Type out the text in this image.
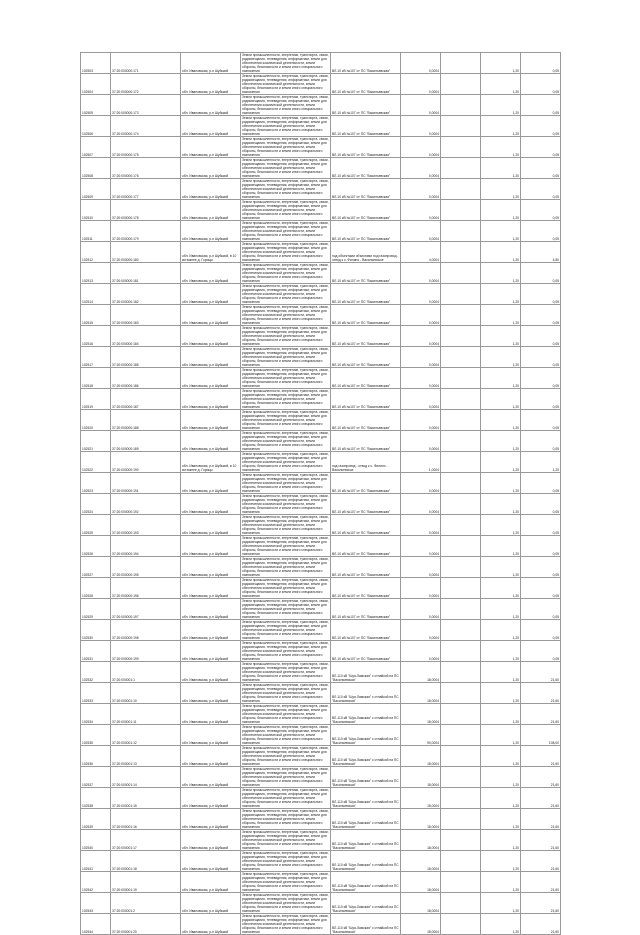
102503	37:20:000000:171	обл. Ивановская, р-н Шуйский	Земли промышленности, энергетики, транспорта, связи, радиовещания, телевидения, информатики, земли для обеспечения космической деятельности, земли обороны, безопасности и земли иного специального назначения	ВЛ-10 кВ №107 от ПС "Васильевская"	0,0004		1,20	0,05
102504	37:20:000000:172	обл. Ивановская, р-н Шуйский	Земли промышленности, энергетики, транспорта, связи, радиовещания, телевидения, информатики, земли для обеспечения космической деятельности, земли обороны, безопасности и земли иного специального назначения	ВЛ-10 кВ №107 от ПС "Васильевская"	0,0004		1,20	0,05
102505	37:20:000000:173	обл. Ивановская, р-н Шуйский	Земли промышленности, энергетики, транспорта, связи, радиовещания, телевидения, информатики, земли для обеспечения космической деятельности, земли обороны, безопасности и земли иного специального назначения	ВЛ-10 кВ №107 от ПС "Васильевская"	0,0004		1,20	0,05
102506	37:20:000000:174	обл. Ивановская, р-н Шуйский	Земли промышленности, энергетики, транспорта, связи, радиовещания, телевидения, информатики, земли для обеспечения космической деятельности, земли обороны, безопасности и земли иного специального назначения	ВЛ-10 кВ №107 от ПС "Васильевская"	0,0004		1,20	0,05
102507	37:20:000000:175	обл. Ивановская, р-н Шуйский	Земли промышленности, энергетики, транспорта, связи, радиовещания, телевидения, информатики, земли для обеспечения космической деятельности, земли обороны, безопасности и земли иного специального назначения	ВЛ-10 кВ №107 от ПС "Васильевская"	0,0004		1,20	0,05
102508	37:20:000000:176	обл. Ивановская, р-н Шуйский	Земли промышленности, энергетики, транспорта, связи, радиовещания, телевидения, информатики, земли для обеспечения космической деятельности, земли обороны, безопасности и земли иного специального назначения	ВЛ-10 кВ №107 от ПС "Васильевская"	0,0004		1,20	0,05
102509	37:20:000000:177	обл. Ивановская, р-н Шуйский	Земли промышленности, энергетики, транспорта, связи, радиовещания, телевидения, информатики, земли для обеспечения космической деятельности, земли обороны, безопасности и земли иного специального назначения	ВЛ-10 кВ №107 от ПС "Васильевская"	0,0004		1,20	0,05
102510	37:20:000000:178	обл. Ивановская, р-н Шуйский	Земли промышленности, энергетики, транспорта, связи, радиовещания, телевидения, информатики, земли для обеспечения космической деятельности, земли обороны, безопасности и земли иного специального назначения	ВЛ-10 кВ №107 от ПС "Васильевская"	0,0004		1,20	0,05
102511	37:20:000000:179	обл. Ивановская, р-н Шуйский	Земли промышленности, энергетики, транспорта, связи, радиовещания, телевидения, информатики, земли для обеспечения космической деятельности, земли обороны, безопасности и земли иного специального назначения	ВЛ-10 кВ №107 от ПС "Васильевская"	0,0004		1,20	0,05
102512	37:20:000000:180	обл. Ивановская, р-н Шуйский, в 10 км южнее д. Горицы	Земли промышленности, энергетики, транспорта, связи, радиовещания, телевидения, информатики, земли для обеспечения космической деятельности, земли обороны, безопасности и земли иного специального назначения	под объектами объектами под газопровод - отвод к с. Филино - Васильевское	4,0004		1,20	4,80
102513	37:20:000000:181	обл. Ивановская, р-н Шуйский	Земли промышленности, энергетики, транспорта, связи, радиовещания, телевидения, информатики, земли для обеспечения космической деятельности, земли обороны, безопасности и земли иного специального назначения	ВЛ-10 кВ №107 от ПС "Васильевская"	0,0004		1,20	0,05
102514	37:20:000000:182	обл. Ивановская, р-н Шуйский	Земли промышленности, энергетики, транспорта, связи, радиовещания, телевидения, информатики, земли для обеспечения космической деятельности, земли обороны, безопасности и земли иного специального назначения	ВЛ-10 кВ №107 от ПС "Васильевская"	0,0004		1,20	0,05
102515	37:20:000000:183	обл. Ивановская, р-н Шуйский	Земли промышленности, энергетики, транспорта, связи, радиовещания, телевидения, информатики, земли для обеспечения космической деятельности, земли обороны, безопасности и земли иного специального назначения	ВЛ-10 кВ №107 от ПС "Васильевская"	0,0004		1,20	0,05
102516	37:20:000000:184	обл. Ивановская, р-н Шуйский	Земли промышленности, энергетики, транспорта, связи, радиовещания, телевидения, информатики, земли для обеспечения космической деятельности, земли обороны, безопасности и земли иного специального назначения	ВЛ-10 кВ №107 от ПС "Васильевская"	0,0004		1,20	0,05
102517	37:20:000000:185	обл. Ивановская, р-н Шуйский	Земли промышленности, энергетики, транспорта, связи, радиовещания, телевидения, информатики, земли для обеспечения космической деятельности, земли обороны, безопасности и земли иного специального назначения	ВЛ-10 кВ №107 от ПС "Васильевская"	0,0004		1,20	0,05
102518	37:20:000000:186	обл. Ивановская, р-н Шуйский	Земли промышленности, энергетики, транспорта, связи, радиовещания, телевидения, информатики, земли для обеспечения космической деятельности, земли обороны, безопасности и земли иного специального назначения	ВЛ-10 кВ №107 от ПС "Васильевская"	0,0004		1,20	0,05
102519	37:20:000000:187	обл. Ивановская, р-н Шуйский	Земли промышленности, энергетики, транспорта, связи, радиовещания, телевидения, информатики, земли для обеспечения космической деятельности, земли обороны, безопасности и земли иного специального назначения	ВЛ-10 кВ №107 от ПС "Васильевская"	0,0004		1,20	0,05
102520	37:20:000000:188	обл. Ивановская, р-н Шуйский	Земли промышленности, энергетики, транспорта, связи, радиовещания, телевидения, информатики, земли для обеспечения космической деятельности, земли обороны, безопасности и земли иного специального назначения	ВЛ-10 кВ №107 от ПС "Васильевская"	0,0004		1,20	0,05
102521	37:20:000000:189	обл. Ивановская, р-н Шуйский	Земли промышленности, энергетики, транспорта, связи, радиовещания, телевидения, информатики, земли для обеспечения космической деятельности, земли обороны, безопасности и земли иного специального назначения	ВЛ-10 кВ №107 от ПС "Васильевская"	0,0004		1,20	0,05
102522	37:20:000000:190	обл. Ивановская, р-н Шуйский, в 10 км южнее д. Горицы	Земли промышленности, энергетики, транспорта, связи, радиовещания, телевидения, информатики, земли для обеспечения космической деятельности, земли обороны, безопасности и земли иного специального назначения	под газопровод - отвод к с. Филино - Васильевское	1,0004		1,20	1,20
102523	37:20:000000:191	обл. Ивановская, р-н Шуйский	Земли промышленности, энергетики, транспорта, связи, радиовещания, телевидения, информатики, земли для обеспечения космической деятельности, земли обороны, безопасности и земли иного специального назначения	ВЛ-10 кВ №107 от ПС "Васильевская"	0,0004		1,20	0,05
102524	37:20:000000:192	обл. Ивановская, р-н Шуйский	Земли промышленности, энергетики, транспорта, связи, радиовещания, телевидения, информатики, земли для обеспечения космической деятельности, земли обороны, безопасности и земли иного специального назначения	ВЛ-10 кВ №107 от ПС "Васильевская"	0,0004		1,20	0,05
102525	37:20:000000:193	обл. Ивановская, р-н Шуйский	Земли промышленности, энергетики, транспорта, связи, радиовещания, телевидения, информатики, земли для обеспечения космической деятельности, земли обороны, безопасности и земли иного специального назначения	ВЛ-10 кВ №107 от ПС "Васильевская"	0,0004		1,20	0,05
102526	37:20:000000:194	обл. Ивановская, р-н Шуйский	Земли промышленности, энергетики, транспорта, связи, радиовещания, телевидения, информатики, земли для обеспечения космической деятельности, земли обороны, безопасности и земли иного специального назначения	ВЛ-10 кВ №107 от ПС "Васильевская"	0,0004		1,20	0,05
102527	37:20:000000:195	обл. Ивановская, р-н Шуйский	Земли промышленности, энергетики, транспорта, связи, радиовещания, телевидения, информатики, земли для обеспечения космической деятельности, земли обороны, безопасности и земли иного специального назначения	ВЛ-10 кВ №107 от ПС "Васильевская"	0,0004		1,20	0,05
102528	37:20:000000:196	обл. Ивановская, р-н Шуйский	Земли промышленности, энергетики, транспорта, связи, радиовещания, телевидения, информатики, земли для обеспечения космической деятельности, земли обороны, безопасности и земли иного специального назначения	ВЛ-10 кВ №107 от ПС "Васильевская"	0,0004		1,20	0,05
102529	37:20:000000:197	обл. Ивановская, р-н Шуйский	Земли промышленности, энергетики, транспорта, связи, радиовещания, телевидения, информатики, земли для обеспечения космической деятельности, земли обороны, безопасности и земли иного специального назначения	ВЛ-10 кВ №107 от ПС "Васильевская"	0,0004		1,20	0,05
102530	37:20:000000:198	обл. Ивановская, р-н Шуйский	Земли промышленности, энергетики, транспорта, связи, радиовещания, телевидения, информатики, земли для обеспечения космической деятельности, земли обороны, безопасности и земли иного специального назначения	ВЛ-10 кВ №107 от ПС "Васильевская"	0,0004		1,20	0,05
102531	37:20:000000:199	обл. Ивановская, р-н Шуйский	Земли промышленности, энергетики, транспорта, связи, радиовещания, телевидения, информатики, земли для обеспечения космической деятельности, земли обороны, безопасности и земли иного специального назначения	ВЛ-10 кВ №107 от ПС "Васильевская"	0,0004		1,20	0,05
102532	37:20:000001:1	обл. Ивановская, р-н Шуйский	Земли промышленности, энергетики, транспорта, связи, радиовещания, телевидения, информатики, земли для обеспечения космической деятельности, земли обороны, безопасности и земли иного специального назначения	ВЛ-110 кВ "Шуя-Ламская" с отпайкой на ПС "Васильевская"	18,0004		1,20	21,60
102533	37:20:000001:10	обл. Ивановская, р-н Шуйский	Земли промышленности, энергетики, транспорта, связи, радиовещания, телевидения, информатики, земли для обеспечения космической деятельности, земли обороны, безопасности и земли иного специального назначения	ВЛ-110 кВ "Шуя-Ламская" с отпайкой на ПС "Васильевская"	18,0004		1,20	21,60
102534	37:20:000001:11	обл. Ивановская, р-н Шуйский	Земли промышленности, энергетики, транспорта, связи, радиовещания, телевидения, информатики, земли для обеспечения космической деятельности, земли обороны, безопасности и земли иного специального назначения	ВЛ-110 кВ "Шуя-Ламская" с отпайкой на ПС "Васильевская"	18,0004		1,20	21,60
102535	37:20:000001:12	обл. Ивановская, р-н Шуйский	Земли промышленности, энергетики, транспорта, связи, радиовещания, телевидения, информатики, земли для обеспечения космической деятельности, земли обороны, безопасности и земли иного специального назначения	ВЛ-110 кВ "Шуя-Ламская" с отпайкой на ПС "Васильевская"	90,0004		1,20	108,00
102536	37:20:000001:13	обл. Ивановская, р-н Шуйский	Земли промышленности, энергетики, транспорта, связи, радиовещания, телевидения, информатики, земли для обеспечения космической деятельности, земли обороны, безопасности и земли иного специального назначения	ВЛ-110 кВ "Шуя-Ламская" с отпайкой на ПС "Васильевская"	18,0004		1,20	21,60
102537	37:20:000001:14	обл. Ивановская, р-н Шуйский	Земли промышленности, энергетики, транспорта, связи, радиовещания, телевидения, информатики, земли для обеспечения космической деятельности, земли обороны, безопасности и земли иного специального назначения	ВЛ-110 кВ "Шуя-Ламская" с отпайкой на ПС "Васильевская"	18,0004		1,20	21,60
102538	37:20:000001:15	обл. Ивановская, р-н Шуйский	Земли промышленности, энергетики, транспорта, связи, радиовещания, телевидения, информатики, земли для обеспечения космической деятельности, земли обороны, безопасности и земли иного специального назначения	ВЛ-110 кВ "Шуя-Ламская" с отпайкой на ПС "Васильевская"	18,0004		1,20	21,60
102539	37:20:000001:16	обл. Ивановская, р-н Шуйский	Земли промышленности, энергетики, транспорта, связи, радиовещания, телевидения, информатики, земли для обеспечения космической деятельности, земли обороны, безопасности и земли иного специального назначения	ВЛ-110 кВ "Шуя-Ламская" с отпайкой на ПС "Васильевская"	18,0004		1,20	21,60
102540	37:20:000001:17	обл. Ивановская, р-н Шуйский	Земли промышленности, энергетики, транспорта, связи, радиовещания, телевидения, информатики, земли для обеспечения космической деятельности, земли обороны, безопасности и земли иного специального назначения	ВЛ-110 кВ "Шуя-Ламская" с отпайкой на ПС "Васильевская"	18,0004		1,20	21,60
102541	37:20:000001:18	обл. Ивановская, р-н Шуйский	Земли промышленности, энергетики, транспорта, связи, радиовещания, телевидения, информатики, земли для обеспечения космической деятельности, земли обороны, безопасности и земли иного специального назначения	ВЛ-110 кВ "Шуя-Ламская" с отпайкой на ПС "Васильевская"	18,0004		1,20	21,60
102542	37:20:000001:19	обл. Ивановская, р-н Шуйский	Земли промышленности, энергетики, транспорта, связи, радиовещания, телевидения, информатики, земли для обеспечения космической деятельности, земли обороны, безопасности и земли иного специального назначения	ВЛ-110 кВ "Шуя-Ламская" с отпайкой на ПС "Васильевская"	18,0004		1,20	21,60
102543	37:20:000001:2	обл. Ивановская, р-н Шуйский	Земли промышленности, энергетики, транспорта, связи, радиовещания, телевидения, информатики, земли для обеспечения космической деятельности, земли обороны, безопасности и земли иного специального назначения	ВЛ-110 кВ "Шуя-Ламская" с отпайкой на ПС "Васильевская"	18,0004		1,20	21,60
102544	37:20:000001:20	обл. Ивановская, р-н Шуйский	Земли промышленности, энергетики, транспорта, связи, радиовещания, телевидения, информатики, земли для обеспечения космической деятельности, земли обороны, безопасности и земли иного специального назначения	ВЛ-110 кВ "Шуя-Ламская" с отпайкой на ПС "Васильевская"	18,0004		1,20	21,60
